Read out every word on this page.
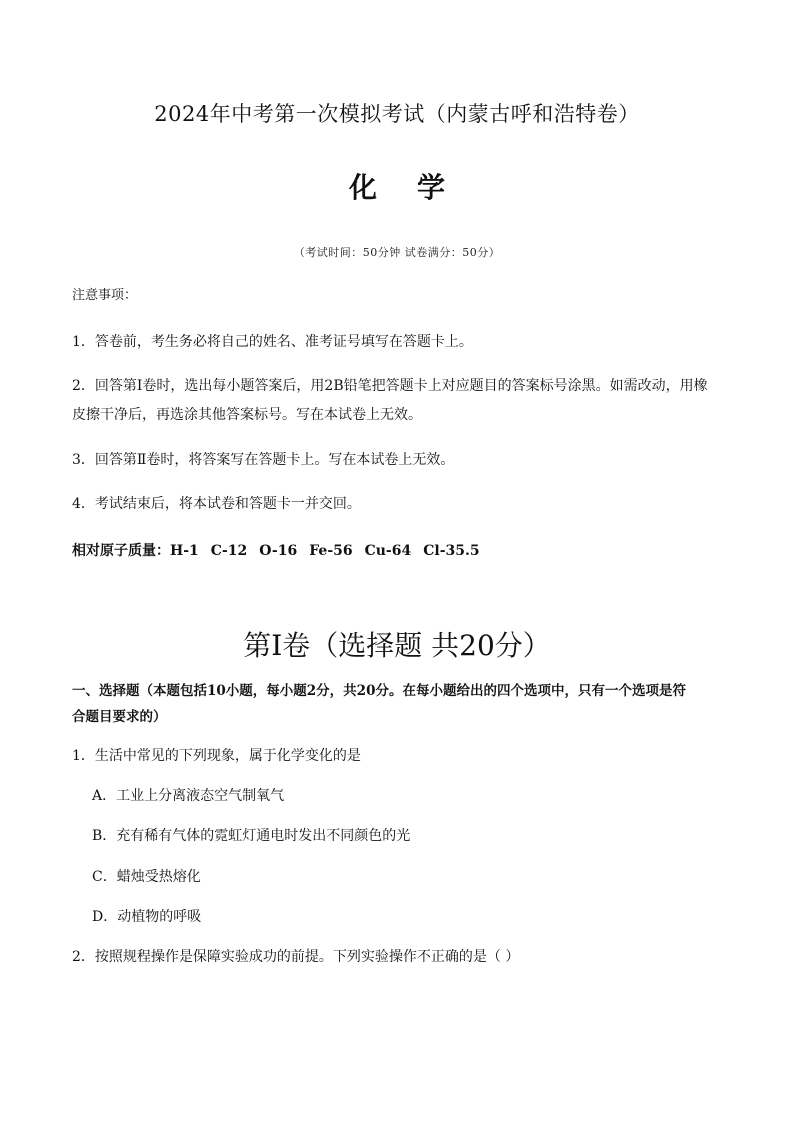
2024年中考第一次模拟考试（内蒙古呼和浩特卷）
化学
（考试时间：50分钟 试卷满分：50分）
注意事项：
1．答卷前，考生务必将自己的姓名、准考证号填写在答题卡上。
2．回答第Ⅰ卷时，选出每小题答案后，用2B铅笔把答题卡上对应题目的答案标号涂黑。如需改动，用橡
皮擦干净后，再选涂其他答案标号。写在本试卷上无效。
3．回答第Ⅱ卷时，将答案写在答题卡上。写在本试卷上无效。
4．考试结束后，将本试卷和答题卡一并交回。
相对原子质量：H-1 C-12 O-16 Fe-56 Cu-64 Cl-35.5
第Ⅰ卷（选择题 共20分）
一、选择题（本题包括10小题，每小题2分，共20分。在每小题给出的四个选项中，只有一个选项是符
合题目要求的）
1．生活中常见的下列现象，属于化学变化的是
A．工业上分离液态空气制氧气
B．充有稀有气体的霓虹灯通电时发出不同颜色的光
C．蜡烛受热熔化
D．动植物的呼吸
2．按照规程操作是保障实验成功的前提。下列实验操作不正确的是（ ）
